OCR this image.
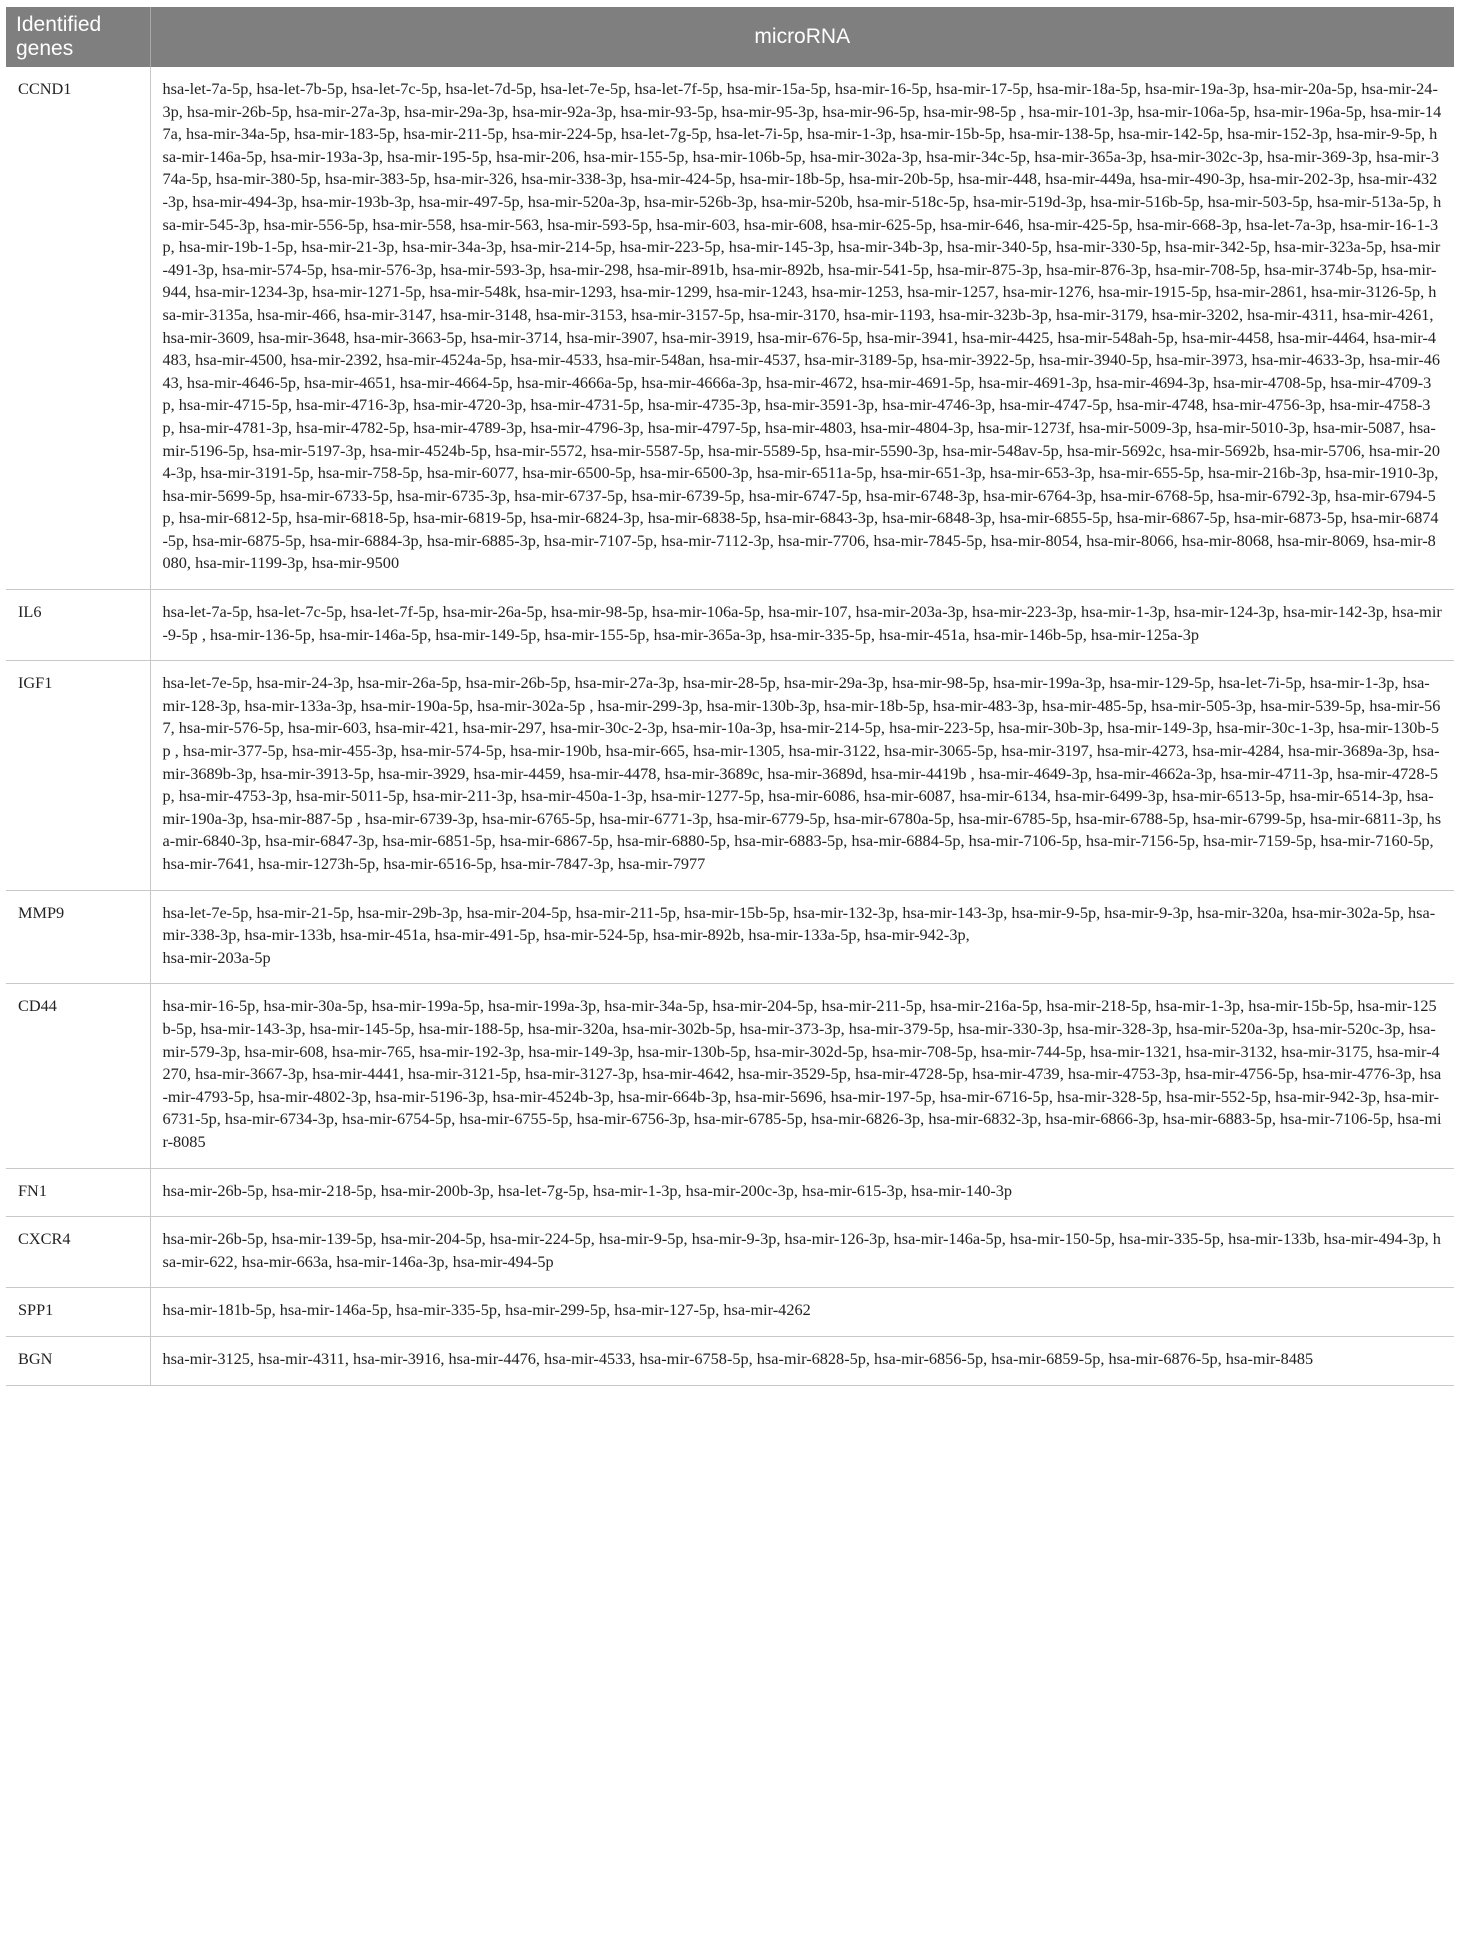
Identified genes	microRNA
CCND1	hsa-let-7a-5p, hsa-let-7b-5p, hsa-let-7c-5p, hsa-let-7d-5p, hsa-let-7e-5p, hsa-let-7f-5p, hsa-mir-15a-5p, hsa-mir-16-5p, hsa-mir-17-5p, hsa-mir-18a-5p, hsa-mir-19a-3p, hsa-mir-20a-5p, hsa-mir-24-3p, hsa-mir-26b-5p, hsa-mir-27a-3p, hsa-mir-29a-3p, hsa-mir-92a-3p, hsa-mir-93-5p, hsa-mir-95-3p, hsa-mir-96-5p, hsa-mir-98-5p , hsa-mir-101-3p, hsa-mir-106a-5p, hsa-mir-196a-5p, hsa-mir-147a, hsa-mir-34a-5p, hsa-mir-183-5p, hsa-mir-211-5p, hsa-mir-224-5p, hsa-let-7g-5p, hsa-let-7i-5p, hsa-mir-1-3p, hsa-mir-15b-5p, hsa-mir-138-5p, hsa-mir-142-5p, hsa-mir-152-3p, hsa-mir-9-5p, hsa-mir-146a-5p, hsa-mir-193a-3p, hsa-mir-195-5p, hsa-mir-206, hsa-mir-155-5p, hsa-mir-106b-5p, hsa-mir-302a-3p, hsa-mir-34c-5p, hsa-mir-365a-3p, hsa-mir-302c-3p, hsa-mir-369-3p, hsa-mir-374a-5p, hsa-mir-380-5p, hsa-mir-383-5p, hsa-mir-326, hsa-mir-338-3p, hsa-mir-424-5p, hsa-mir-18b-5p, hsa-mir-20b-5p, hsa-mir-448, hsa-mir-449a, hsa-mir-490-3p, hsa-mir-202-3p, hsa-mir-432-3p, hsa-mir-494-3p, hsa-mir-193b-3p, hsa-mir-497-5p, hsa-mir-520a-3p, hsa-mir-526b-3p, hsa-mir-520b, hsa-mir-518c-5p, hsa-mir-519d-3p, hsa-mir-516b-5p, hsa-mir-503-5p, hsa-mir-513a-5p, hsa-mir-545-3p, hsa-mir-556-5p, hsa-mir-558, hsa-mir-563, hsa-mir-593-5p, hsa-mir-603, hsa-mir-608, hsa-mir-625-5p, hsa-mir-646, hsa-mir-425-5p, hsa-mir-668-3p, hsa-let-7a-3p, hsa-mir-16-1-3p, hsa-mir-19b-1-5p, hsa-mir-21-3p, hsa-mir-34a-3p, hsa-mir-214-5p, hsa-mir-223-5p, hsa-mir-145-3p, hsa-mir-34b-3p, hsa-mir-340-5p, hsa-mir-330-5p, hsa-mir-342-5p, hsa-mir-323a-5p, hsa-mir-491-3p, hsa-mir-574-5p, hsa-mir-576-3p, hsa-mir-593-3p, hsa-mir-298, hsa-mir-891b, hsa-mir-892b, hsa-mir-541-5p, hsa-mir-875-3p, hsa-mir-876-3p, hsa-mir-708-5p, hsa-mir-374b-5p, hsa-mir-944, hsa-mir-1234-3p, hsa-mir-1271-5p, hsa-mir-548k, hsa-mir-1293, hsa-mir-1299, hsa-mir-1243, hsa-mir-1253, hsa-mir-1257, hsa-mir-1276, hsa-mir-1915-5p, hsa-mir-2861, hsa-mir-3126-5p, hsa-mir-3135a, hsa-mir-466, hsa-mir-3147, hsa-mir-3148, hsa-mir-3153, hsa-mir-3157-5p, hsa-mir-3170, hsa-mir-1193, hsa-mir-323b-3p, hsa-mir-3179, hsa-mir-3202, hsa-mir-4311, hsa-mir-4261, hsa-mir-3609, hsa-mir-3648, hsa-mir-3663-5p, hsa-mir-3714, hsa-mir-3907, hsa-mir-3919, hsa-mir-676-5p, hsa-mir-3941, hsa-mir-4425, hsa-mir-548ah-5p, hsa-mir-4458, hsa-mir-4464, hsa-mir-4483, hsa-mir-4500, hsa-mir-2392, hsa-mir-4524a-5p, hsa-mir-4533, hsa-mir-548an, hsa-mir-4537, hsa-mir-3189-5p, hsa-mir-3922-5p, hsa-mir-3940-5p, hsa-mir-3973, hsa-mir-4633-3p, hsa-mir-4643, hsa-mir-4646-5p, hsa-mir-4651, hsa-mir-4664-5p, hsa-mir-4666a-5p, hsa-mir-4666a-3p, hsa-mir-4672, hsa-mir-4691-5p, hsa-mir-4691-3p, hsa-mir-4694-3p, hsa-mir-4708-5p, hsa-mir-4709-3p, hsa-mir-4715-5p, hsa-mir-4716-3p, hsa-mir-4720-3p, hsa-mir-4731-5p, hsa-mir-4735-3p, hsa-mir-3591-3p, hsa-mir-4746-3p, hsa-mir-4747-5p, hsa-mir-4748, hsa-mir-4756-3p, hsa-mir-4758-3p, hsa-mir-4781-3p, hsa-mir-4782-5p, hsa-mir-4789-3p, hsa-mir-4796-3p, hsa-mir-4797-5p, hsa-mir-4803, hsa-mir-4804-3p, hsa-mir-1273f, hsa-mir-5009-3p, hsa-mir-5010-3p, hsa-mir-5087, hsa-mir-5196-5p, hsa-mir-5197-3p, hsa-mir-4524b-5p, hsa-mir-5572, hsa-mir-5587-5p, hsa-mir-5589-5p, hsa-mir-5590-3p, hsa-mir-548av-5p, hsa-mir-5692c, hsa-mir-5692b, hsa-mir-5706, hsa-mir-204-3p, hsa-mir-3191-5p, hsa-mir-758-5p, hsa-mir-6077, hsa-mir-6500-5p, hsa-mir-6500-3p, hsa-mir-6511a-5p, hsa-mir-651-3p, hsa-mir-653-3p, hsa-mir-655-5p, hsa-mir-216b-3p, hsa-mir-1910-3p, hsa-mir-5699-5p, hsa-mir-6733-5p, hsa-mir-6735-3p, hsa-mir-6737-5p, hsa-mir-6739-5p, hsa-mir-6747-5p, hsa-mir-6748-3p, hsa-mir-6764-3p, hsa-mir-6768-5p, hsa-mir-6792-3p, hsa-mir-6794-5p, hsa-mir-6812-5p, hsa-mir-6818-5p, hsa-mir-6819-5p, hsa-mir-6824-3p, hsa-mir-6838-5p, hsa-mir-6843-3p, hsa-mir-6848-3p, hsa-mir-6855-5p, hsa-mir-6867-5p, hsa-mir-6873-5p, hsa-mir-6874-5p, hsa-mir-6875-5p, hsa-mir-6884-3p, hsa-mir-6885-3p, hsa-mir-7107-5p, hsa-mir-7112-3p, hsa-mir-7706, hsa-mir-7845-5p, hsa-mir-8054, hsa-mir-8066, hsa-mir-8068, hsa-mir-8069, hsa-mir-8080, hsa-mir-1199-3p, hsa-mir-9500
IL6	hsa-let-7a-5p, hsa-let-7c-5p, hsa-let-7f-5p, hsa-mir-26a-5p, hsa-mir-98-5p, hsa-mir-106a-5p, hsa-mir-107, hsa-mir-203a-3p, hsa-mir-223-3p, hsa-mir-1-3p, hsa-mir-124-3p, hsa-mir-142-3p, hsa-mir-9-5p , hsa-mir-136-5p, hsa-mir-146a-5p, hsa-mir-149-5p, hsa-mir-155-5p, hsa-mir-365a-3p, hsa-mir-335-5p, hsa-mir-451a, hsa-mir-146b-5p, hsa-mir-125a-3p
IGF1	hsa-let-7e-5p, hsa-mir-24-3p, hsa-mir-26a-5p, hsa-mir-26b-5p, hsa-mir-27a-3p, hsa-mir-28-5p, hsa-mir-29a-3p, hsa-mir-98-5p, hsa-mir-199a-3p, hsa-mir-129-5p, hsa-let-7i-5p, hsa-mir-1-3p, hsa-mir-128-3p, hsa-mir-133a-3p, hsa-mir-190a-5p, hsa-mir-302a-5p , hsa-mir-299-3p, hsa-mir-130b-3p, hsa-mir-18b-5p, hsa-mir-483-3p, hsa-mir-485-5p, hsa-mir-505-3p, hsa-mir-539-5p, hsa-mir-567, hsa-mir-576-5p, hsa-mir-603, hsa-mir-421, hsa-mir-297, hsa-mir-30c-2-3p, hsa-mir-10a-3p, hsa-mir-214-5p, hsa-mir-223-5p, hsa-mir-30b-3p, hsa-mir-149-3p, hsa-mir-30c-1-3p, hsa-mir-130b-5p , hsa-mir-377-5p, hsa-mir-455-3p, hsa-mir-574-5p, hsa-mir-190b, hsa-mir-665, hsa-mir-1305, hsa-mir-3122, hsa-mir-3065-5p, hsa-mir-3197, hsa-mir-4273, hsa-mir-4284, hsa-mir-3689a-3p, hsa-mir-3689b-3p, hsa-mir-3913-5p, hsa-mir-3929, hsa-mir-4459, hsa-mir-4478, hsa-mir-3689c, hsa-mir-3689d, hsa-mir-4419b , hsa-mir-4649-3p, hsa-mir-4662a-3p, hsa-mir-4711-3p, hsa-mir-4728-5p, hsa-mir-4753-3p, hsa-mir-5011-5p, hsa-mir-211-3p, hsa-mir-450a-1-3p, hsa-mir-1277-5p, hsa-mir-6086, hsa-mir-6087, hsa-mir-6134, hsa-mir-6499-3p, hsa-mir-6513-5p, hsa-mir-6514-3p, hsa-mir-190a-3p, hsa-mir-887-5p , hsa-mir-6739-3p, hsa-mir-6765-5p, hsa-mir-6771-3p, hsa-mir-6779-5p, hsa-mir-6780a-5p, hsa-mir-6785-5p, hsa-mir-6788-5p, hsa-mir-6799-5p, hsa-mir-6811-3p, hsa-mir-6840-3p, hsa-mir-6847-3p, hsa-mir-6851-5p, hsa-mir-6867-5p, hsa-mir-6880-5p, hsa-mir-6883-5p, hsa-mir-6884-5p, hsa-mir-7106-5p, hsa-mir-7156-5p, hsa-mir-7159-5p, hsa-mir-7160-5p, hsa-mir-7641, hsa-mir-1273h-5p, hsa-mir-6516-5p, hsa-mir-7847-3p, hsa-mir-7977
MMP9	hsa-let-7e-5p, hsa-mir-21-5p, hsa-mir-29b-3p, hsa-mir-204-5p, hsa-mir-211-5p, hsa-mir-15b-5p, hsa-mir-132-3p, hsa-mir-143-3p, hsa-mir-9-5p, hsa-mir-9-3p, hsa-mir-320a, hsa-mir-302a-5p, hsa-mir-338-3p, hsa-mir-133b, hsa-mir-451a, hsa-mir-491-5p, hsa-mir-524-5p, hsa-mir-892b, hsa-mir-133a-5p, hsa-mir-942-3p,
hsa-mir-203a-5p
CD44	hsa-mir-16-5p, hsa-mir-30a-5p, hsa-mir-199a-5p, hsa-mir-199a-3p, hsa-mir-34a-5p, hsa-mir-204-5p, hsa-mir-211-5p, hsa-mir-216a-5p, hsa-mir-218-5p, hsa-mir-1-3p, hsa-mir-15b-5p, hsa-mir-125b-5p, hsa-mir-143-3p, hsa-mir-145-5p, hsa-mir-188-5p, hsa-mir-320a, hsa-mir-302b-5p, hsa-mir-373-3p, hsa-mir-379-5p, hsa-mir-330-3p, hsa-mir-328-3p, hsa-mir-520a-3p, hsa-mir-520c-3p, hsa-mir-579-3p, hsa-mir-608, hsa-mir-765, hsa-mir-192-3p, hsa-mir-149-3p, hsa-mir-130b-5p, hsa-mir-302d-5p, hsa-mir-708-5p, hsa-mir-744-5p, hsa-mir-1321, hsa-mir-3132, hsa-mir-3175, hsa-mir-4270, hsa-mir-3667-3p, hsa-mir-4441, hsa-mir-3121-5p, hsa-mir-3127-3p, hsa-mir-4642, hsa-mir-3529-5p, hsa-mir-4728-5p, hsa-mir-4739, hsa-mir-4753-3p, hsa-mir-4756-5p, hsa-mir-4776-3p, hsa-mir-4793-5p, hsa-mir-4802-3p, hsa-mir-5196-3p, hsa-mir-4524b-3p, hsa-mir-664b-3p, hsa-mir-5696, hsa-mir-197-5p, hsa-mir-6716-5p, hsa-mir-328-5p, hsa-mir-552-5p, hsa-mir-942-3p, hsa-mir-6731-5p, hsa-mir-6734-3p, hsa-mir-6754-5p, hsa-mir-6755-5p, hsa-mir-6756-3p, hsa-mir-6785-5p, hsa-mir-6826-3p, hsa-mir-6832-3p, hsa-mir-6866-3p, hsa-mir-6883-5p, hsa-mir-7106-5p, hsa-mir-8085
FN1	hsa-mir-26b-5p, hsa-mir-218-5p, hsa-mir-200b-3p, hsa-let-7g-5p, hsa-mir-1-3p, hsa-mir-200c-3p, hsa-mir-615-3p, hsa-mir-140-3p
CXCR4	hsa-mir-26b-5p, hsa-mir-139-5p, hsa-mir-204-5p, hsa-mir-224-5p, hsa-mir-9-5p, hsa-mir-9-3p, hsa-mir-126-3p, hsa-mir-146a-5p, hsa-mir-150-5p, hsa-mir-335-5p, hsa-mir-133b, hsa-mir-494-3p, hsa-mir-622, hsa-mir-663a, hsa-mir-146a-3p, hsa-mir-494-5p
SPP1	hsa-mir-181b-5p, hsa-mir-146a-5p, hsa-mir-335-5p, hsa-mir-299-5p, hsa-mir-127-5p, hsa-mir-4262
BGN	hsa-mir-3125, hsa-mir-4311, hsa-mir-3916, hsa-mir-4476, hsa-mir-4533, hsa-mir-6758-5p, hsa-mir-6828-5p, hsa-mir-6856-5p, hsa-mir-6859-5p, hsa-mir-6876-5p, hsa-mir-8485
